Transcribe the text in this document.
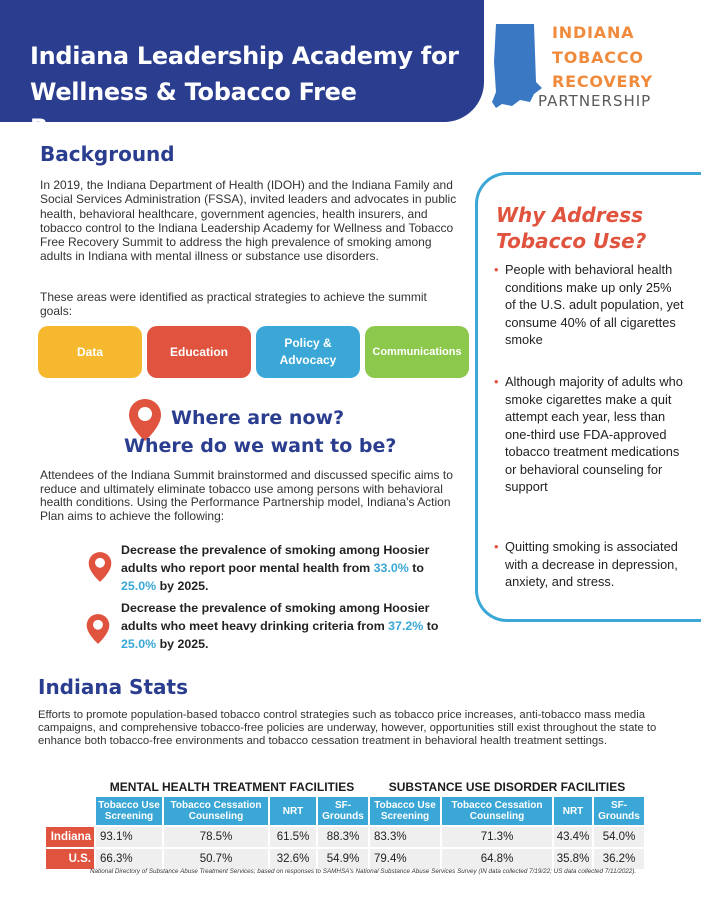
Indiana Leadership Academy for
Wellness & Tobacco Free Recovery
INDIANA
TOBACCO
RECOVERY
PARTNERSHIP
Background
In 2019, the Indiana Department of Health (IDOH) and the Indiana Family and Social Services Administration (FSSA), invited leaders and advocates in public health, behavioral healthcare, government agencies, health insurers, and tobacco control to the Indiana Leadership Academy for Wellness and Tobacco Free Recovery Summit to address the high prevalence of smoking among adults in Indiana with mental illness or substance use disorders.
These areas were identified as practical strategies to achieve the summit goals:
Data	Education
Policy & Advocacy
Communications
Where are now?
Where do we want to be?
Attendees of the Indiana Summit brainstormed and discussed specific aims to reduce and ultimately eliminate tobacco use among persons with behavioral health conditions. Using the Performance Partnership model, Indiana's Action Plan aims to achieve the following:
Decrease the prevalence of smoking among Hoosier adults who report poor mental health from 33.0% to 25.0% by 2025.
Decrease the prevalence of smoking among Hoosier adults who meet heavy drinking criteria from 37.2% to 25.0% by 2025.
Why Address Tobacco Use?
• People with behavioral health conditions make up only 25% of the U.S. adult population, yet consume 40% of all cigarettes smoke
• Although majority of adults who smoke cigarettes make a quit attempt each year, less than one-third use FDA-approved tobacco treatment medications or behavioral counseling for support
• Quitting smoking is associated with a decrease in depression, anxiety, and stress.
Indiana Stats
Efforts to promote population-based tobacco control strategies such as tobacco price increases, anti-tobacco mass media campaigns, and comprehensive tobacco-free policies are underway, however, opportunities still exist throughout the state to enhance both tobacco-free environments and tobacco cessation treatment in behavioral health treatment settings.
	MENTAL HEALTH TREATMENT FACILITIES				SUBSTANCE USE DISORDER FACILITIES			
	Tobacco Use Screening	Tobacco Cessation Counseling	NRT	SF-Grounds	Tobacco Use Screening	Tobacco Cessation Counseling	NRT	SF-Grounds
Indiana	93.1%	78.5%	61.5%	88.3%	83.3%	71.3%	43.4%	54.0%
U.S.	66.3%	50.7%	32.6%	54.9%	79.4%	64.8%	35.8%	36.2%
National Directory of Substance Abuse Treatment Services; based on responses to SAMHSA's National Substance Abuse Services Survey (IN data collected 7/19/22; US data collected 7/11/2022).
